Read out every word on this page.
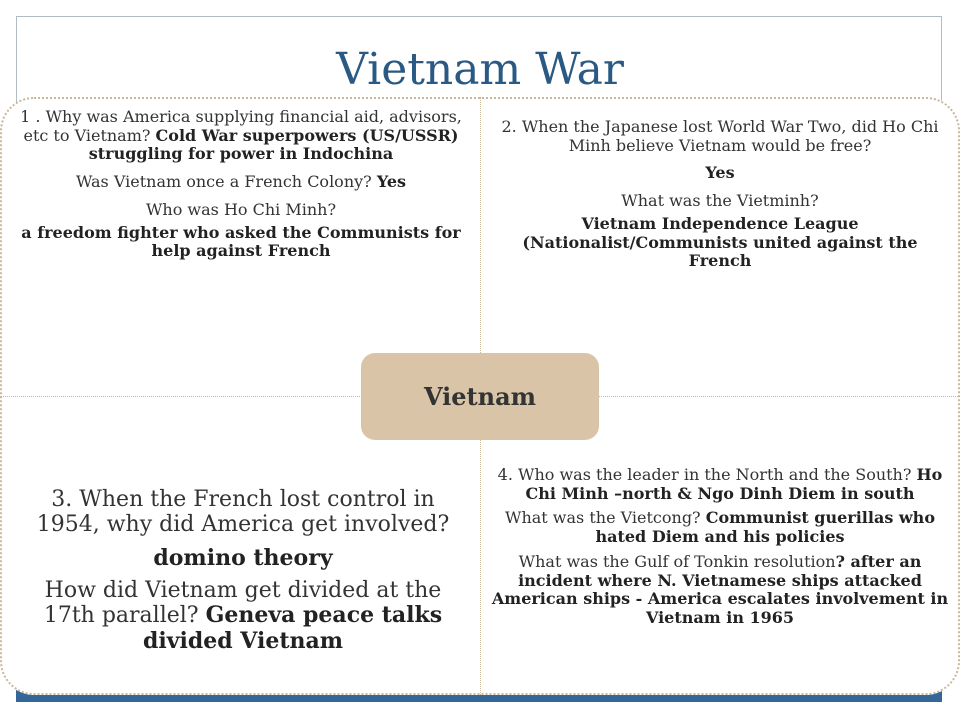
Vietnam War

1 . Why was America supplying financial aid, advisors, etc to Vietnam? Cold War superpowers (US/USSR) struggling for power in Indochina

Was Vietnam once a French Colony? Yes

Who was Ho Chi Minh?

a freedom fighter who asked the Communists for help against French

2. When the Japanese lost World War Two, did Ho Chi Minh believe Vietnam would be free?

Yes

What was the Vietminh?

Vietnam Independence League (Nationalist/Communists united against the French

3. When the French lost control in 1954, why did America get involved?

domino theory

How did Vietnam get divided at the 17th parallel? Geneva peace talks divided Vietnam

4. Who was the leader in the North and the South? Ho Chi Minh –north & Ngo Dinh Diem in south

What was the Vietcong? Communist guerillas who hated Diem and his policies

What was the Gulf of Tonkin resolution? after an incident where N. Vietnamese ships attacked American ships - America escalates involvement in Vietnam in 1965

Vietnam
